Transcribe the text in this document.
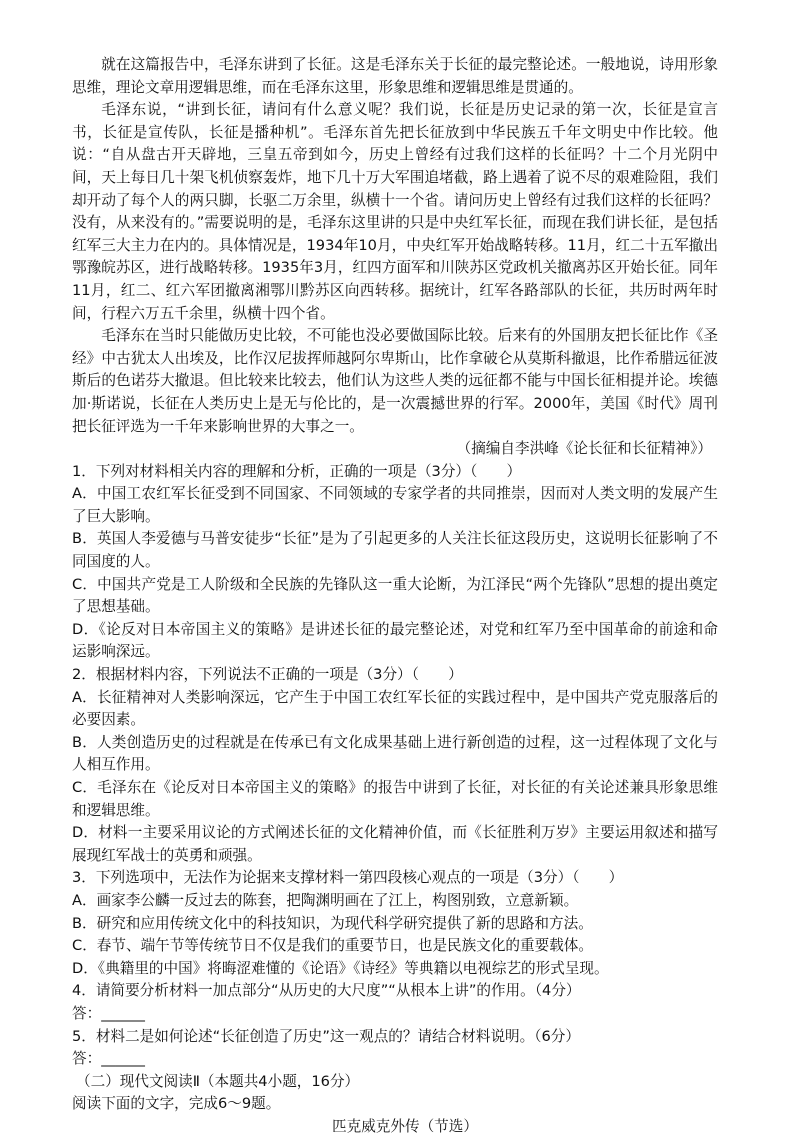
就在这篇报告中，毛泽东讲到了长征。这是毛泽东关于长征的最完整论述。一般地说，诗用形象思维，理论文章用逻辑思维，而在毛泽东这里，形象思维和逻辑思维是贯通的。

毛泽东说，“讲到长征，请问有什么意义呢？我们说，长征是历史记录的第一次，长征是宣言书，长征是宣传队，长征是播种机”。毛泽东首先把长征放到中华民族五千年文明史中作比较。他说：“自从盘古开天辟地，三皇五帝到如今，历史上曾经有过我们这样的长征吗？十二个月光阴中间，天上每日几十架飞机侦察轰炸，地下几十万大军围追堵截，路上遇着了说不尽的艰难险阻，我们却开动了每个人的两只脚，长驱二万余里，纵横十一个省。请问历史上曾经有过我们这样的长征吗？没有，从来没有的。”需要说明的是，毛泽东这里讲的只是中央红军长征，而现在我们讲长征，是包括红军三大主力在内的。具体情况是，1934年10月，中央红军开始战略转移。11月，红二十五军撤出鄂豫皖苏区，进行战略转移。1935年3月，红四方面军和川陕苏区党政机关撤离苏区开始长征。同年11月，红二、红六军团撤离湘鄂川黔苏区向西转移。据统计，红军各路部队的长征，共历时两年时间，行程六万五千余里，纵横十四个省。

毛泽东在当时只能做历史比较，不可能也没必要做国际比较。后来有的外国朋友把长征比作《圣经》中古犹太人出埃及，比作汉尼拔挥师越阿尔卑斯山，比作拿破仑从莫斯科撤退，比作希腊远征波斯后的色诺芬大撤退。但比较来比较去，他们认为这些人类的远征都不能与中国长征相提并论。埃德加·斯诺说，长征在人类历史上是无与伦比的，是一次震撼世界的行军。2000年，美国《时代》周刊把长征评选为一千年来影响世界的大事之一。

（摘编自李洪峰《论长征和长征精神》）

1．下列对材料相关内容的理解和分析，正确的一项是（3分）（　　）

A．中国工农红军长征受到不同国家、不同领域的专家学者的共同推崇，因而对人类文明的发展产生了巨大影响。

B．英国人李爱德与马普安徒步“长征”是为了引起更多的人关注长征这段历史，这说明长征影响了不同国度的人。

C．中国共产党是工人阶级和全民族的先锋队这一重大论断，为江泽民“两个先锋队”思想的提出奠定了思想基础。

D．《论反对日本帝国主义的策略》是讲述长征的最完整论述，对党和红军乃至中国革命的前途和命运影响深远。

2．根据材料内容，下列说法不正确的一项是（3分）（　　）

A．长征精神对人类影响深远，它产生于中国工农红军长征的实践过程中，是中国共产党克服落后的必要因素。

B．人类创造历史的过程就是在传承已有文化成果基础上进行新创造的过程，这一过程体现了文化与人相互作用。

C．毛泽东在《论反对日本帝国主义的策略》的报告中讲到了长征，对长征的有关论述兼具形象思维和逻辑思维。

D．材料一主要采用议论的方式阐述长征的文化精神价值，而《长征胜利万岁》主要运用叙述和描写展现红军战士的英勇和顽强。

3．下列选项中，无法作为论据来支撑材料一第四段核心观点的一项是（3分）（　　）

A．画家李公麟一反过去的陈套，把陶渊明画在了江上，构图别致，立意新颖。

B．研究和应用传统文化中的科技知识，为现代科学研究提供了新的思路和方法。

C．春节、端午节等传统节日不仅是我们的重要节日，也是民族文化的重要载体。

D．《典籍里的中国》将晦涩难懂的《论语》《诗经》等典籍以电视综艺的形式呈现。

4．请简要分析材料一加点部分“从历史的大尺度”“从根本上讲”的作用。（4分）

答：______

5．材料二是如何论述“长征创造了历史”这一观点的？请结合材料说明。（6分）

答：______

（二）现代文阅读Ⅱ（本题共4小题，16分）

阅读下面的文字，完成6～9题。

匹克威克外传（节选）
